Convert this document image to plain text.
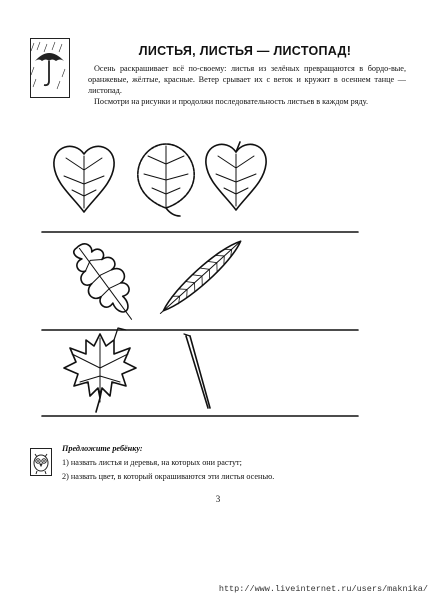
ЛИСТЬЯ, ЛИСТЬЯ — ЛИСТОПАД!

Осень раскрашивает всё по-своему: листья из зелёных превращаются в бордо-вые, оранжевые, жёлтые, красные. Ветер срывает их с веток и кружит в осеннем танце — листопад.

Посмотри на рисунки и продолжи последовательность листьев в каждом ряду.

Предложите ребёнку:
1) назвать листья и деревья, на которых они растут;
2) назвать цвет, в который окрашиваются эти листья осенью.
3
http://www.liveinternet.ru/users/maknika/
